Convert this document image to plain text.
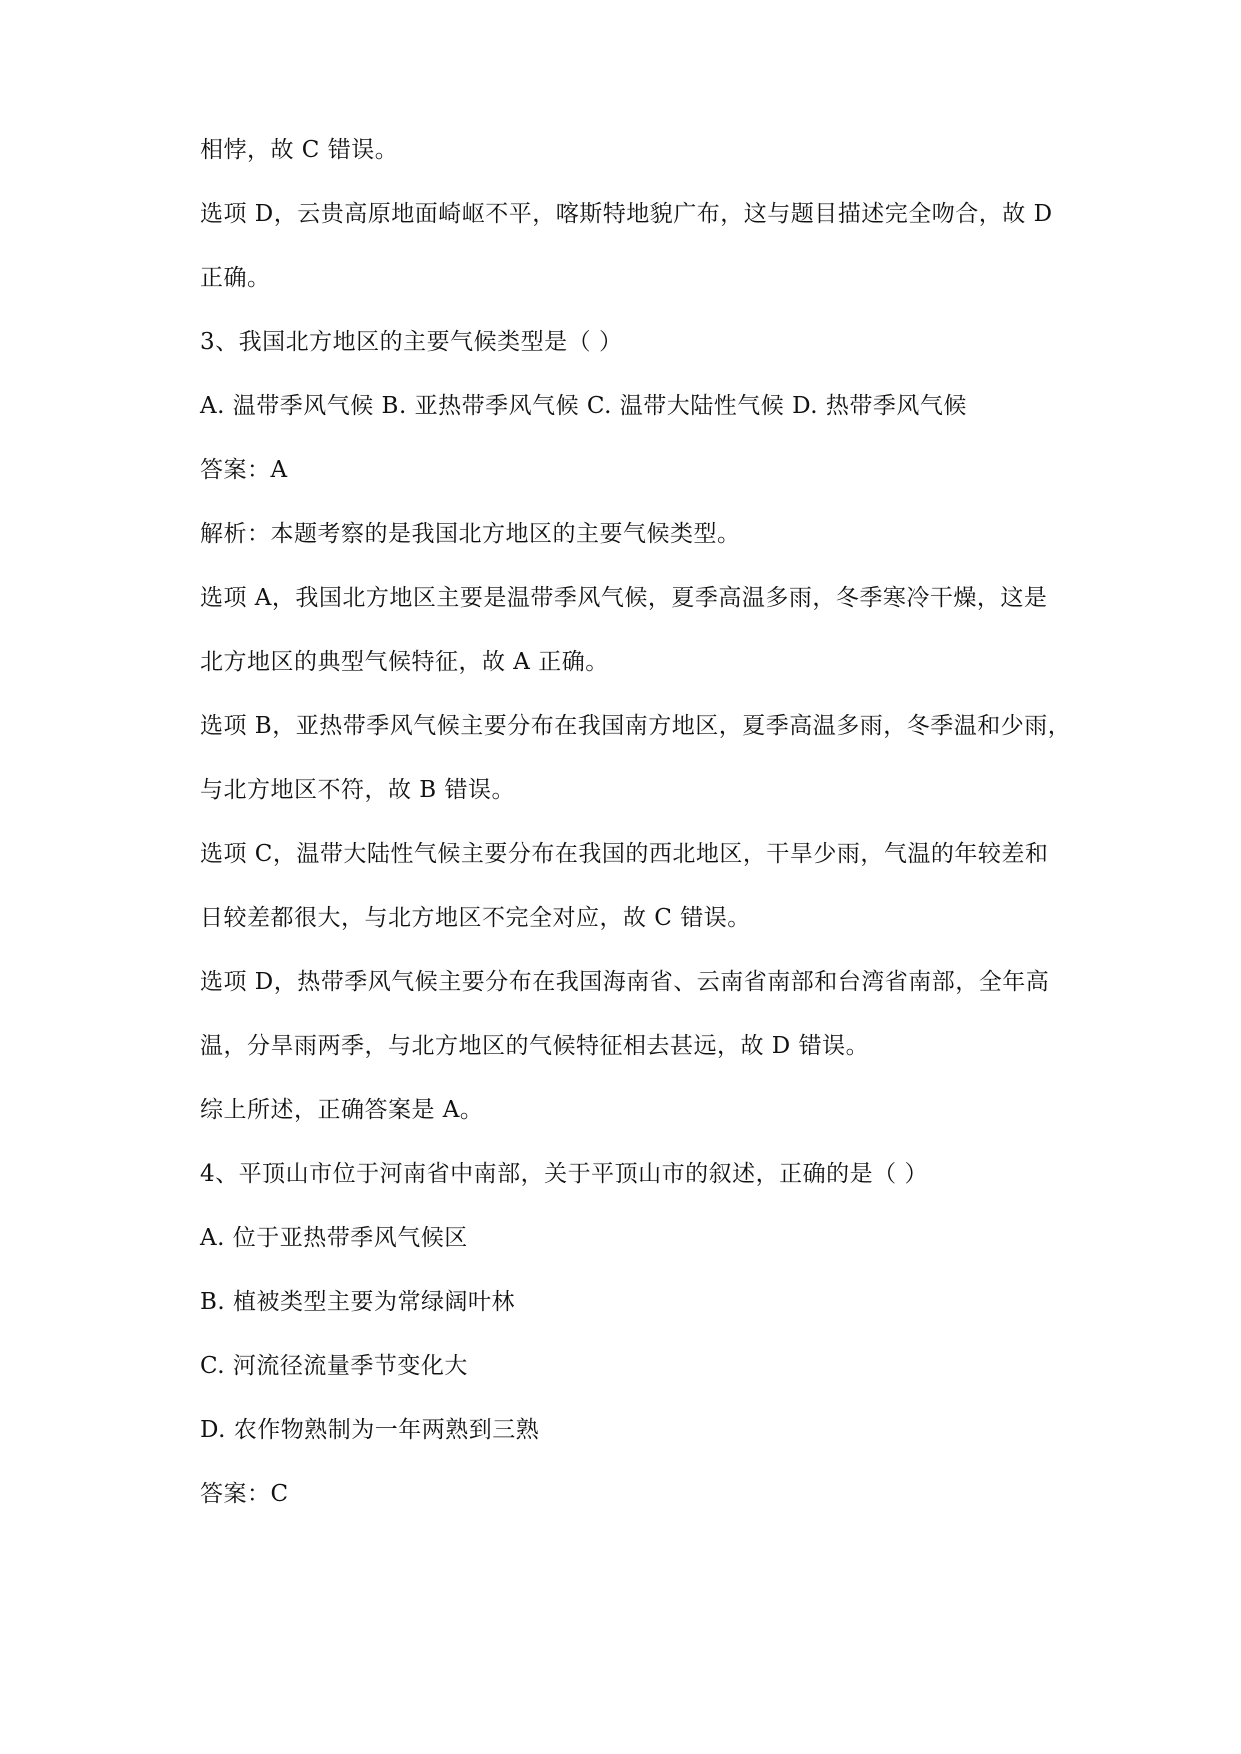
相悖，故 C 错误。
选项 D，云贵高原地面崎岖不平，喀斯特地貌广布，这与题目描述完全吻合，故 D
正确。
3、我国北方地区的主要气候类型是（ ）
A. 温带季风气候 B. 亚热带季风气候 C. 温带大陆性气候 D. 热带季风气候
答案：A
解析：本题考察的是我国北方地区的主要气候类型。
选项 A，我国北方地区主要是温带季风气候，夏季高温多雨，冬季寒冷干燥，这是
北方地区的典型气候特征，故 A 正确。
选项 B，亚热带季风气候主要分布在我国南方地区，夏季高温多雨，冬季温和少雨，
与北方地区不符，故 B 错误。
选项 C，温带大陆性气候主要分布在我国的西北地区，干旱少雨，气温的年较差和
日较差都很大，与北方地区不完全对应，故 C 错误。
选项 D，热带季风气候主要分布在我国海南省、云南省南部和台湾省南部，全年高
温，分旱雨两季，与北方地区的气候特征相去甚远，故 D 错误。
综上所述，正确答案是 A。
4、平顶山市位于河南省中南部，关于平顶山市的叙述，正确的是（ ）
A. 位于亚热带季风气候区
B. 植被类型主要为常绿阔叶林
C. 河流径流量季节变化大
D. 农作物熟制为一年两熟到三熟
答案：C
